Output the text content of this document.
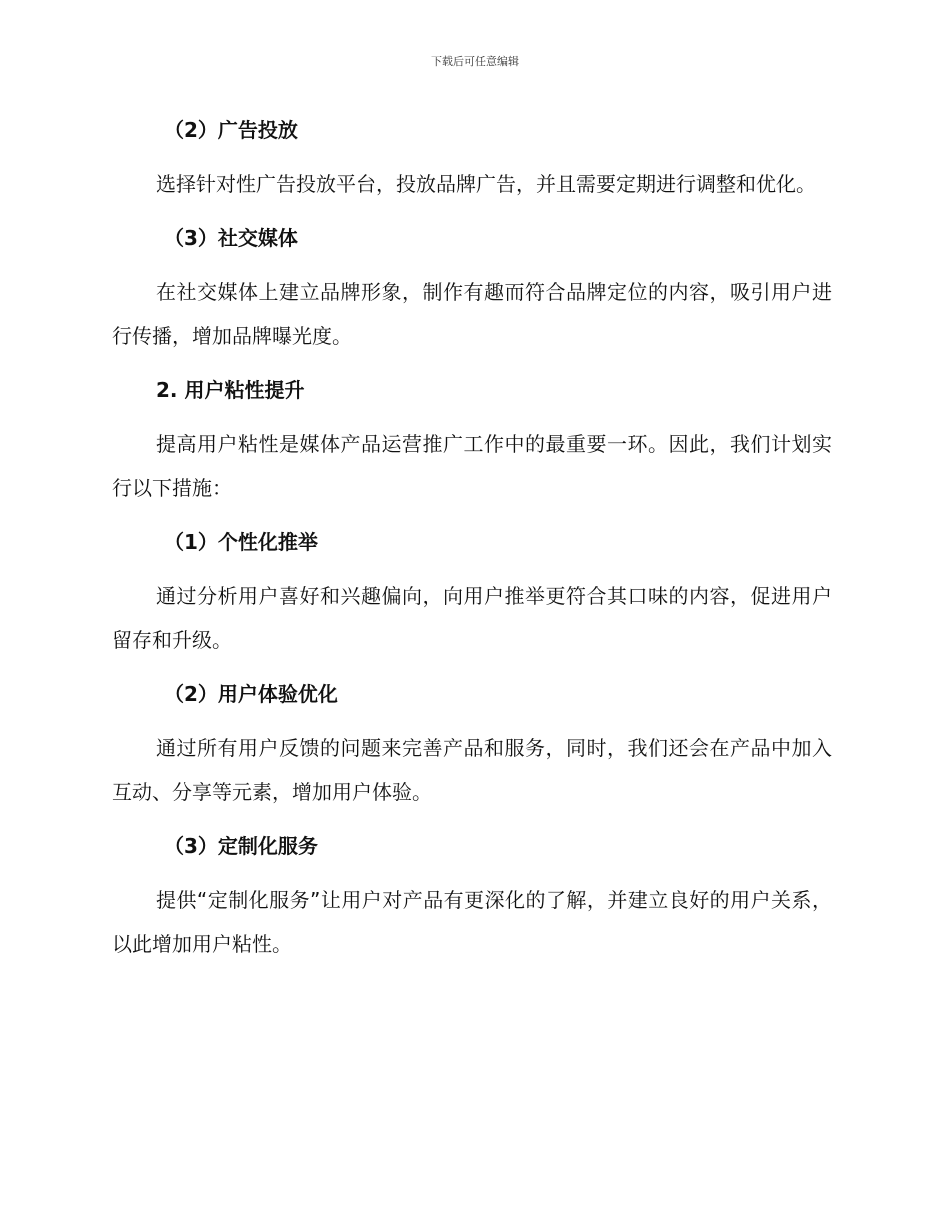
下载后可任意编辑
（2）广告投放

选择针对性广告投放平台，投放品牌广告，并且需要定期进行调整和优化。

（3）社交媒体

在社交媒体上建立品牌形象，制作有趣而符合品牌定位的内容，吸引用户进行传播，增加品牌曝光度。

2. 用户粘性提升

提高用户粘性是媒体产品运营推广工作中的最重要一环。因此，我们计划实行以下措施：

（1）个性化推举

通过分析用户喜好和兴趣偏向，向用户推举更符合其口味的内容，促进用户留存和升级。

（2）用户体验优化

通过所有用户反馈的问题来完善产品和服务，同时，我们还会在产品中加入互动、分享等元素，增加用户体验。

（3）定制化服务

提供“定制化服务”让用户对产品有更深化的了解，并建立良好的用户关系，以此增加用户粘性。
